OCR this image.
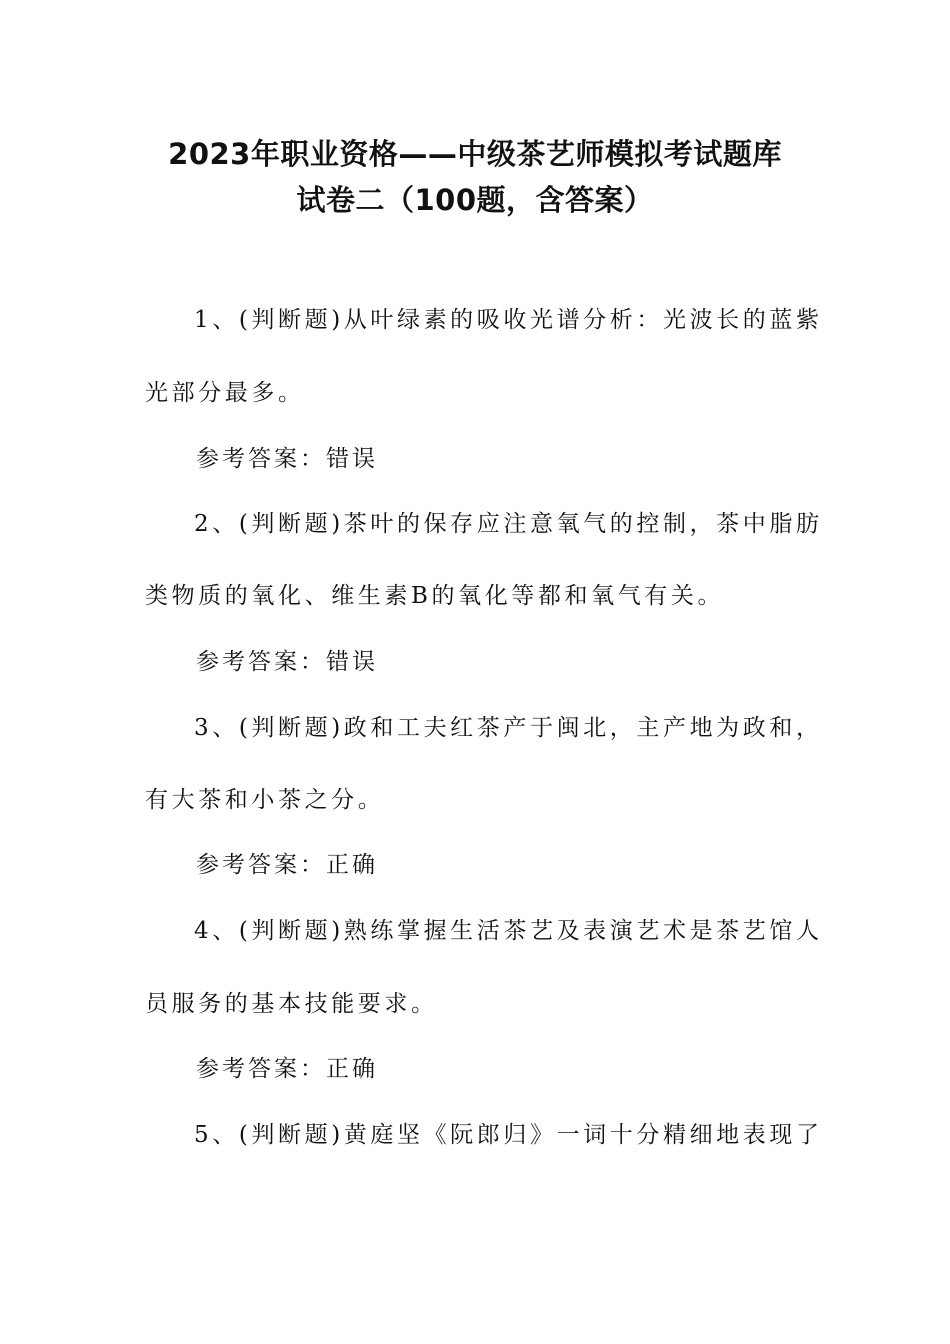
2023年职业资格——中级茶艺师模拟考试题库
试卷二（100题，含答案）
1、(判断题)从叶绿素的吸收光谱分析：光波长的蓝紫
光部分最多。
参考答案：错误
2、(判断题)茶叶的保存应注意氧气的控制，茶中脂肪
类物质的氧化、维生素B的氧化等都和氧气有关。
参考答案：错误
3、(判断题)政和工夫红茶产于闽北，主产地为政和，
有大茶和小茶之分。
参考答案：正确
4、(判断题)熟练掌握生活茶艺及表演艺术是茶艺馆人
员服务的基本技能要求。
参考答案：正确
5、(判断题)黄庭坚《阮郎归》一词十分精细地表现了
